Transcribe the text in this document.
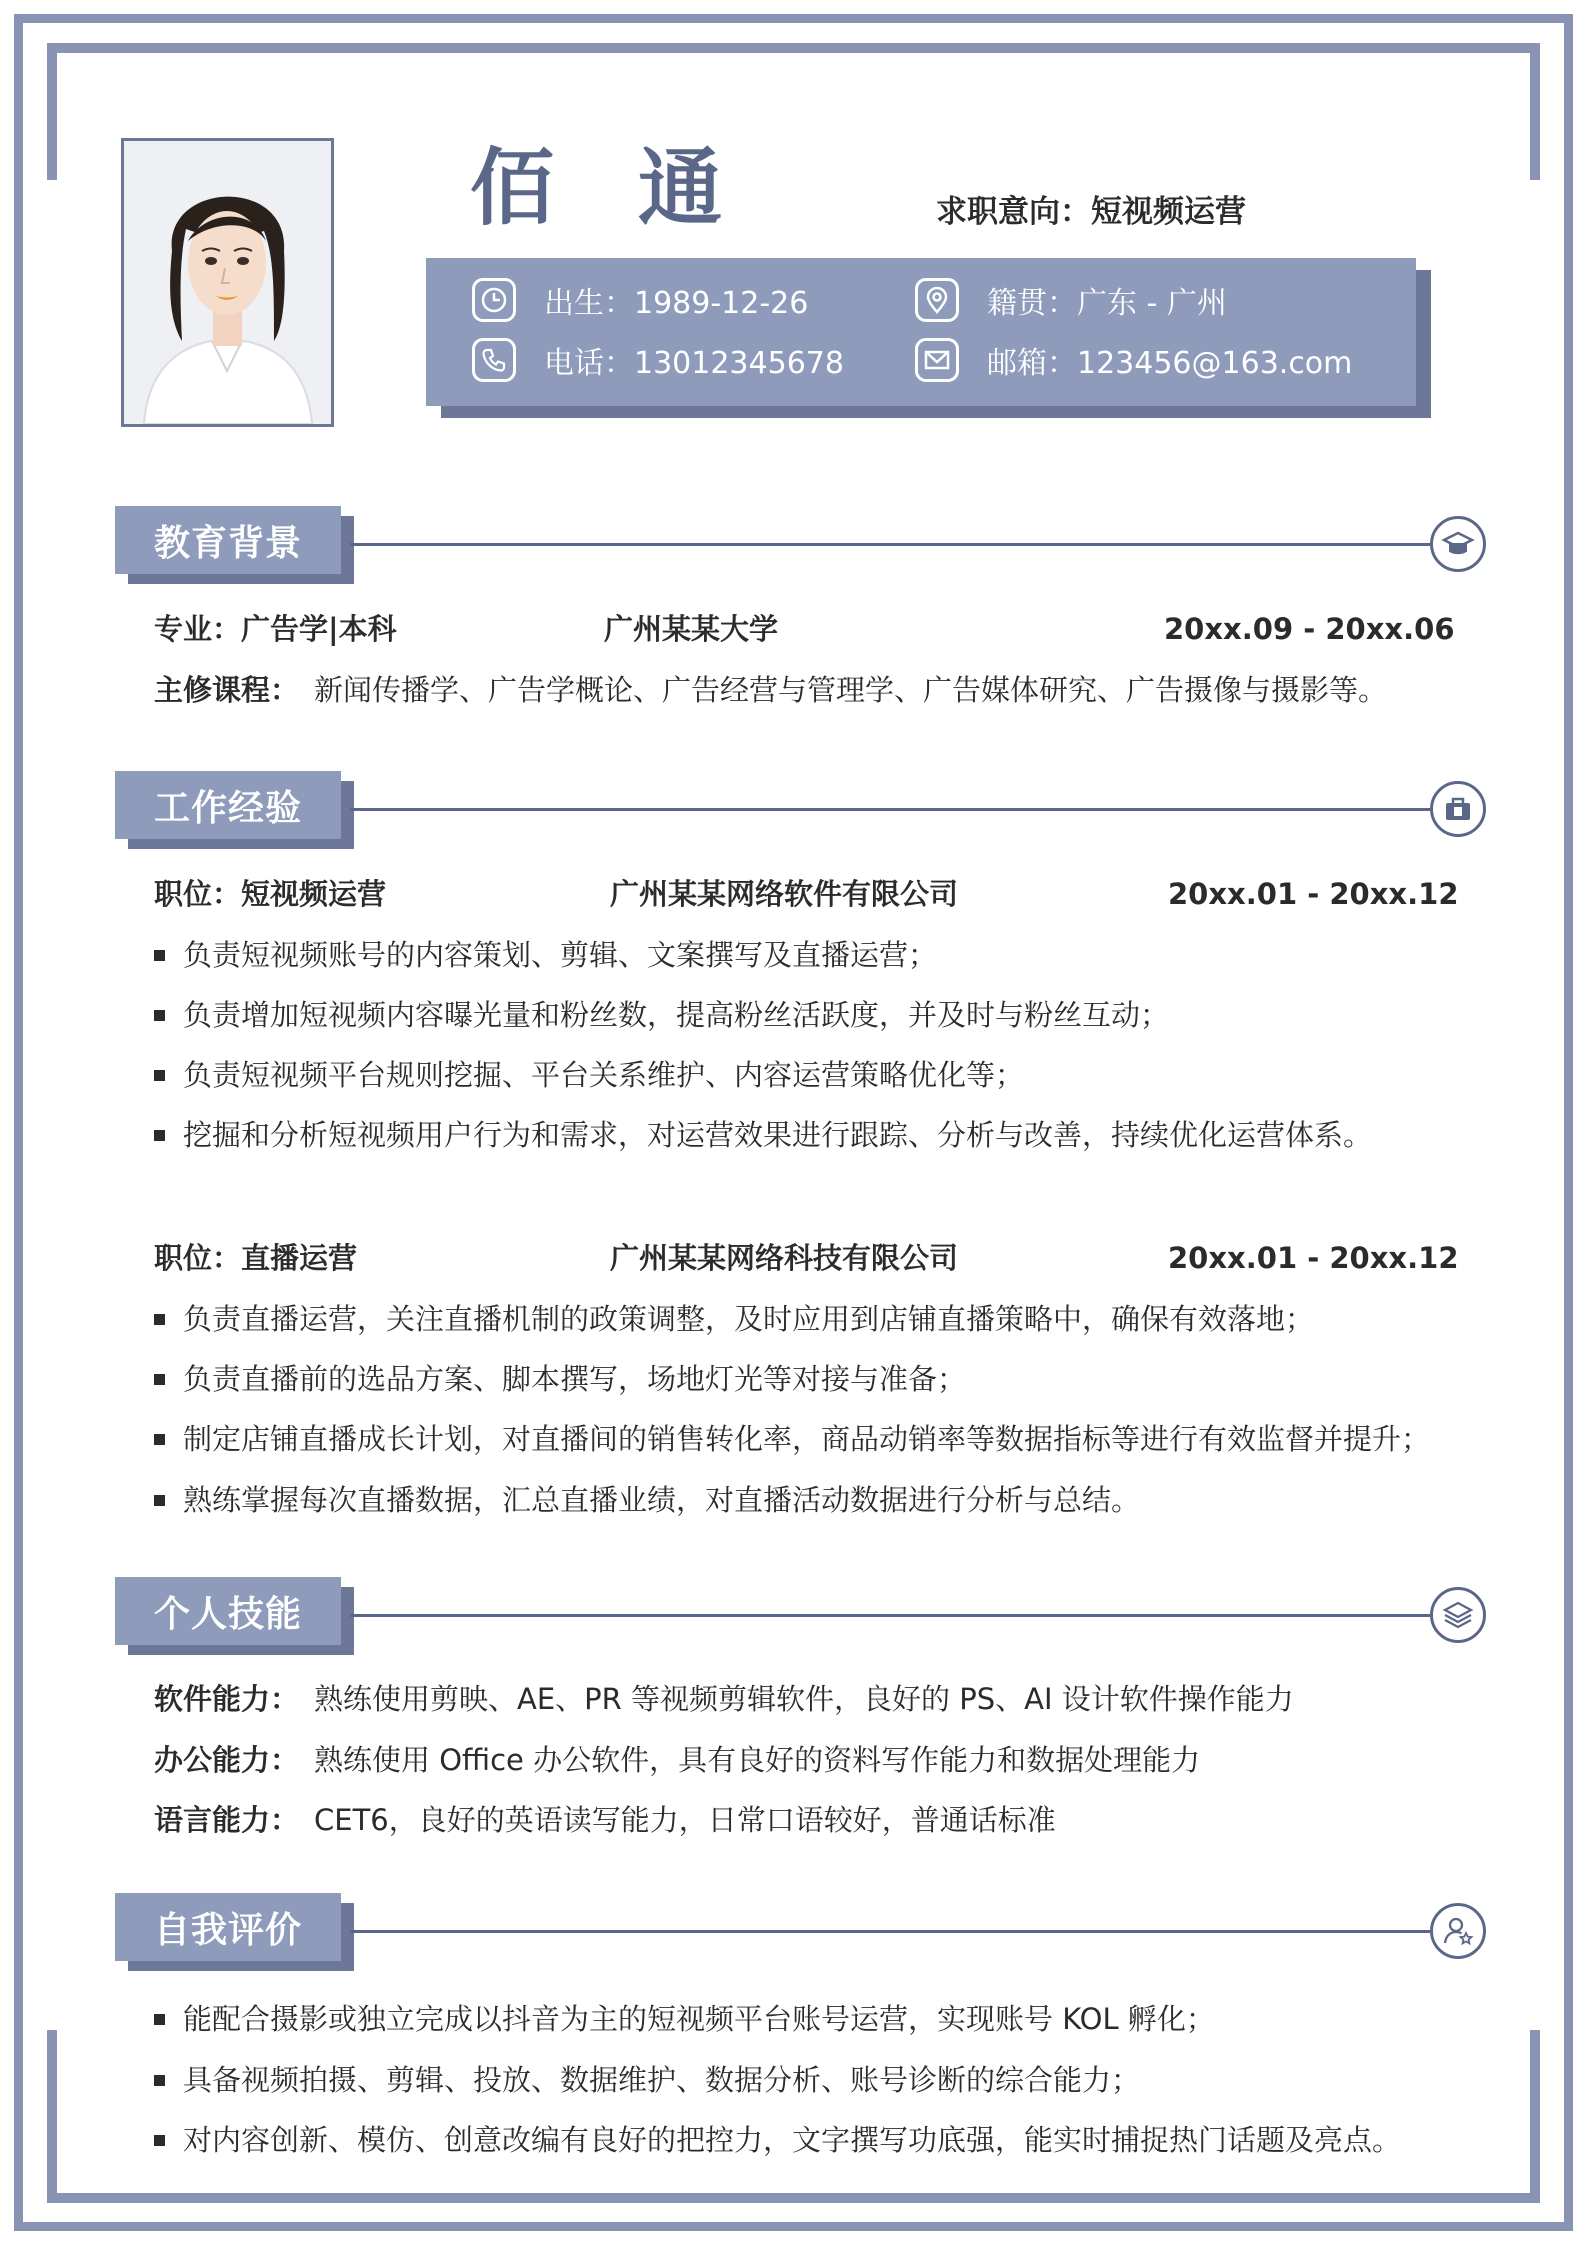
佰通	求职意向：短视频运营
出生：1989-12-26	籍贯：广东 - 广州
电话：13012345678	邮箱：123456@163.com
教育背景
专业：广告学|本科	广州某某大学	20xx.09 - 20xx.06
主修课程： 新闻传播学、广告学概论、广告经营与管理学、广告媒体研究、广告摄像与摄影等。
工作经验
职位：短视频运营	广州某某网络软件有限公司	20xx.01 - 20xx.12
负责短视频账号的内容策划、剪辑、文案撰写及直播运营；
负责增加短视频内容曝光量和粉丝数，提高粉丝活跃度，并及时与粉丝互动；
负责短视频平台规则挖掘、平台关系维护、内容运营策略优化等；
挖掘和分析短视频用户行为和需求，对运营效果进行跟踪、分析与改善，持续优化运营体系。
职位：直播运营	广州某某网络科技有限公司	20xx.01 - 20xx.12
负责直播运营，关注直播机制的政策调整，及时应用到店铺直播策略中，确保有效落地；
负责直播前的选品方案、脚本撰写，场地灯光等对接与准备；
制定店铺直播成长计划，对直播间的销售转化率，商品动销率等数据指标等进行有效监督并提升；
熟练掌握每次直播数据，汇总直播业绩，对直播活动数据进行分析与总结。
个人技能
软件能力： 熟练使用剪映、AE、PR 等视频剪辑软件，良好的 PS、AI 设计软件操作能力
办公能力： 熟练使用 Office 办公软件，具有良好的资料写作能力和数据处理能力
语言能力： CET6，良好的英语读写能力，日常口语较好，普通话标准
自我评价
能配合摄影或独立完成以抖音为主的短视频平台账号运营，实现账号 KOL 孵化；
具备视频拍摄、剪辑、投放、数据维护、数据分析、账号诊断的综合能力；
对内容创新、模仿、创意改编有良好的把控力，文字撰写功底强，能实时捕捉热门话题及亮点。
